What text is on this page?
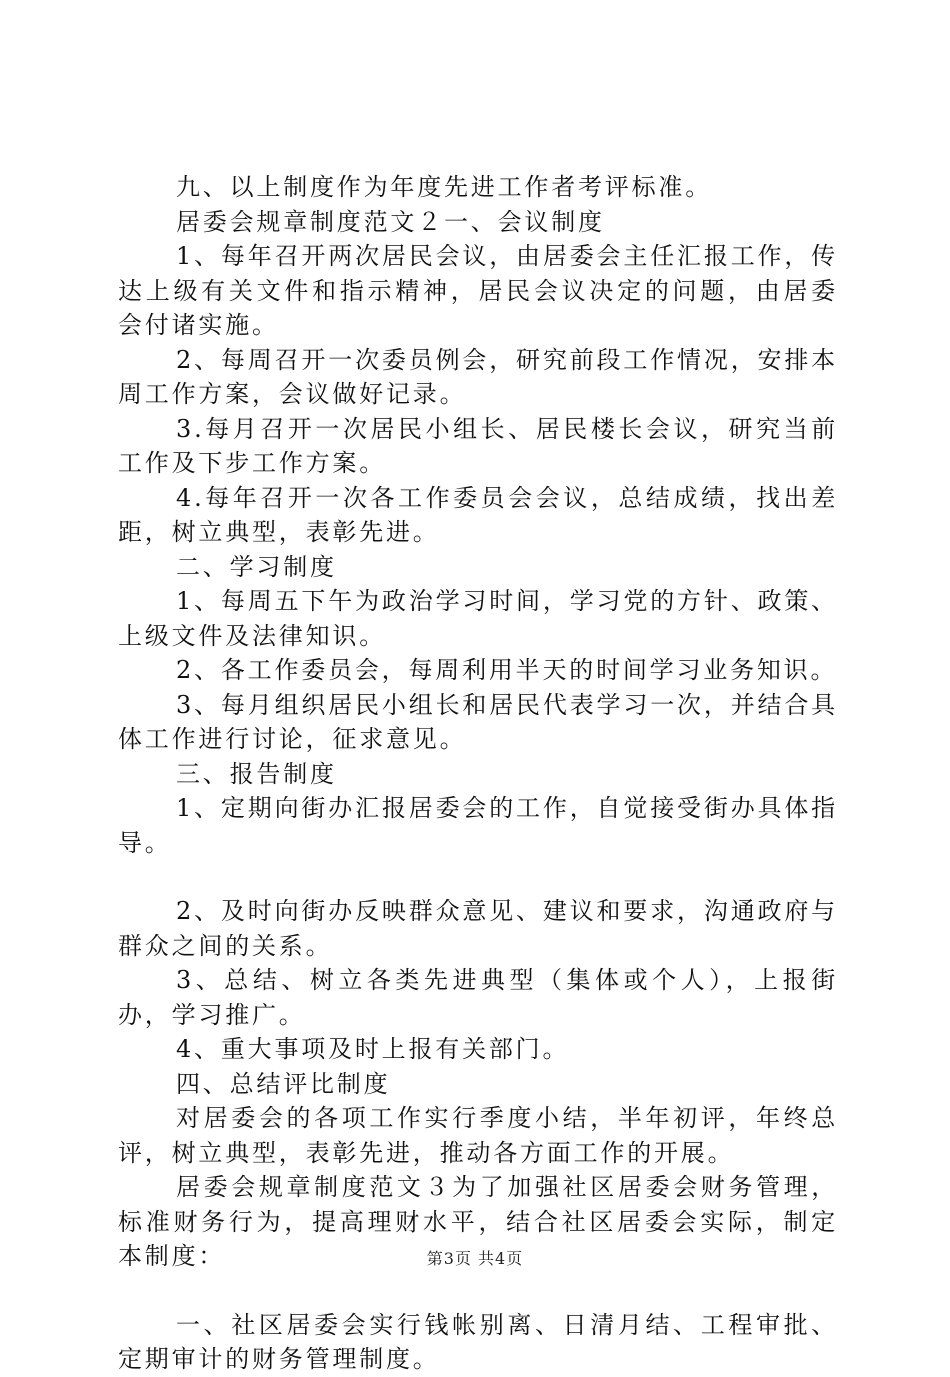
九、以上制度作为年度先进工作者考评标准。

居委会规章制度范文２一、会议制度

1、每年召开两次居民会议，由居委会主任汇报工作，传达上级有关文件和指示精神，居民会议决定的问题，由居委会付诸实施。

2、每周召开一次委员例会，研究前段工作情况，安排本周工作方案，会议做好记录。

3.每月召开一次居民小组长、居民楼长会议，研究当前工作及下步工作方案。

4.每年召开一次各工作委员会会议，总结成绩，找出差距，树立典型，表彰先进。

二、学习制度

1、每周五下午为政治学习时间，学习党的方针、政策、上级文件及法律知识。

2、各工作委员会，每周利用半天的时间学习业务知识。

3、每月组织居民小组长和居民代表学习一次，并结合具体工作进行讨论，征求意见。

三、报告制度

1、定期向街办汇报居委会的工作，自觉接受街办具体指导。

2、及时向街办反映群众意见、建议和要求，沟通政府与群众之间的关系。

3、总结、树立各类先进典型（集体或个人），上报街办，学习推广。

4、重大事项及时上报有关部门。

四、总结评比制度

对居委会的各项工作实行季度小结，半年初评，年终总评，树立典型，表彰先进，推动各方面工作的开展。

居委会规章制度范文３为了加强社区居委会财务管理，标准财务行为，提高理财水平，结合社区居委会实际，制定本制度：

一、社区居委会实行钱帐别离、日清月结、工程审批、定期审计的财务管理制度。

第3页 共4页
